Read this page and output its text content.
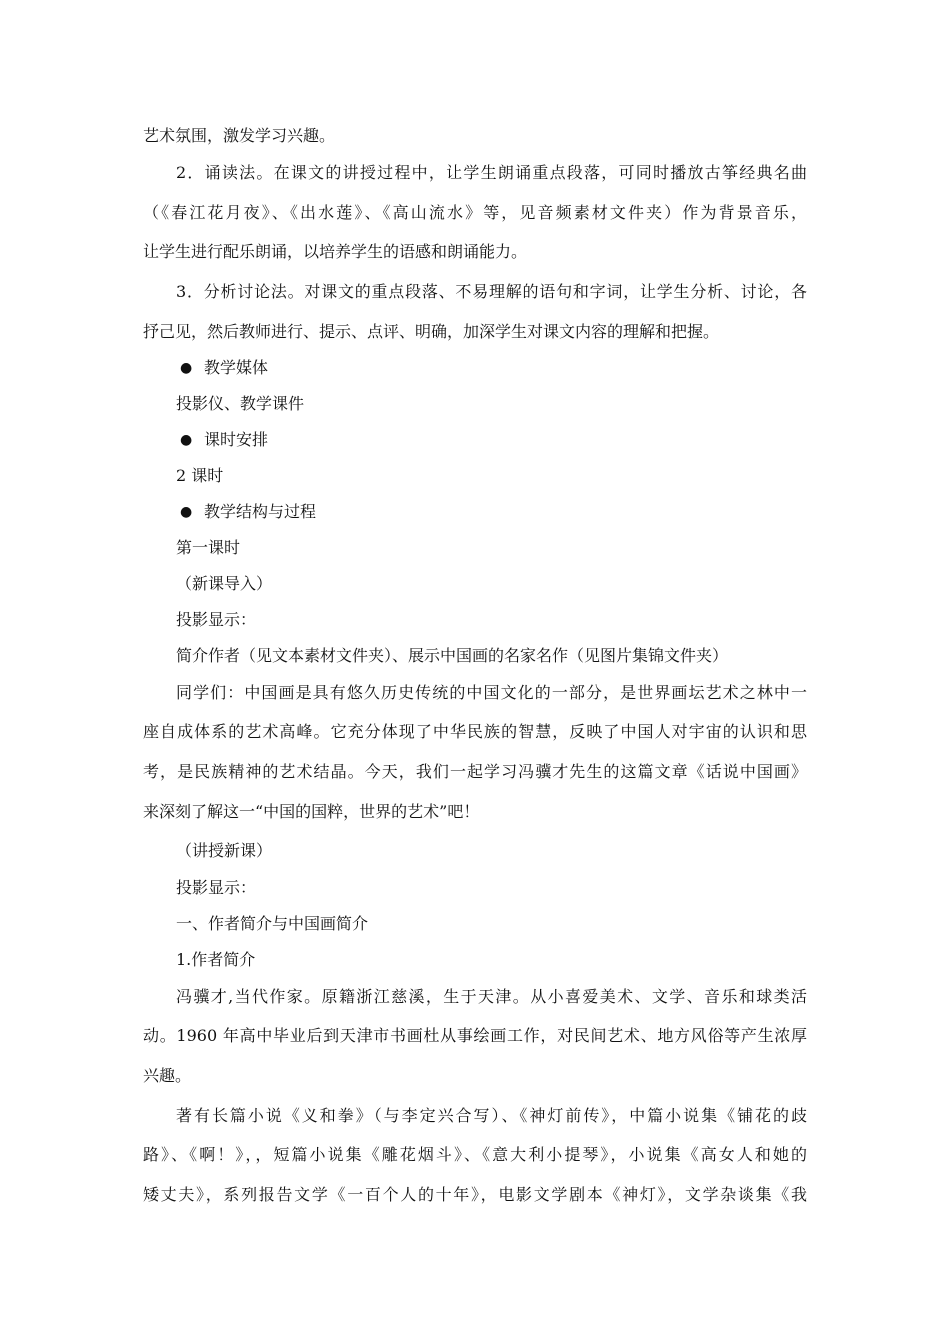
艺术氛围，激发学习兴趣。
2．诵读法。在课文的讲授过程中，让学生朗诵重点段落，可同时播放古筝经典名曲
（《春江花月夜》、《出水莲》、《高山流水》等，见音频素材文件夹）作为背景音乐，
让学生进行配乐朗诵，以培养学生的语感和朗诵能力。
3．分析讨论法。对课文的重点段落、不易理解的语句和字词，让学生分析、讨论，各
抒己见，然后教师进行、提示、点评、明确，加深学生对课文内容的理解和把握。
● 教学媒体
投影仪、教学课件
● 课时安排
2 课时
● 教学结构与过程
第一课时
（新课导入）
投影显示：
简介作者（见文本素材文件夹）、展示中国画的名家名作（见图片集锦文件夹）
同学们：中国画是具有悠久历史传统的中国文化的一部分，是世界画坛艺术之林中一
座自成体系的艺术高峰。它充分体现了中华民族的智慧，反映了中国人对宇宙的认识和思
考，是民族精神的艺术结晶。今天，我们一起学习冯骥才先生的这篇文章《话说中国画》
来深刻了解这一“中国的国粹，世界的艺术”吧！
（讲授新课）
投影显示：
一、作者简介与中国画简介
1.作者简介
冯骥才,当代作家。原籍浙江慈溪，生于天津。从小喜爱美术、文学、音乐和球类活
动。1960 年高中毕业后到天津市书画杜从事绘画工作，对民间艺术、地方风俗等产生浓厚
兴趣。
著有长篇小说《义和拳》（与李定兴合写）、《神灯前传》，中篇小说集《铺花的歧
路》、《啊！》，，短篇小说集《雕花烟斗》、《意大利小提琴》，小说集《高女人和她的
矮丈夫》，系列报告文学《一百个人的十年》，电影文学剧本《神灯》，文学杂谈集《我
